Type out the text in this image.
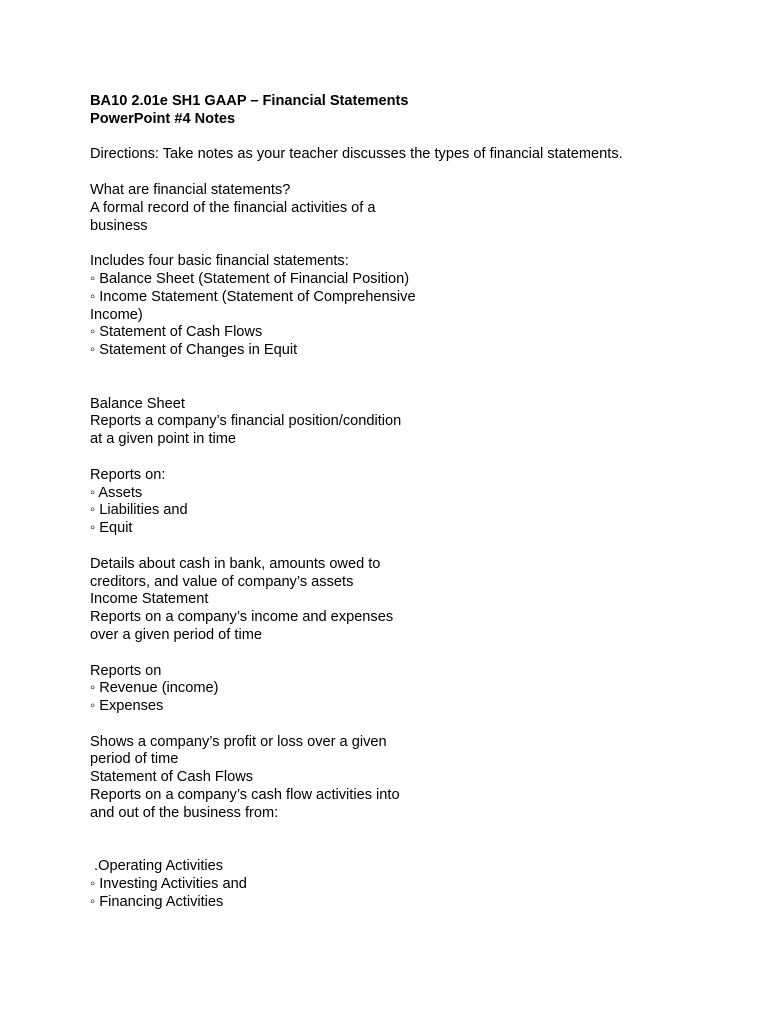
BA10 2.01e SH1 GAAP – Financial Statements
PowerPoint #4 Notes
Directions: Take notes as your teacher discusses the types of financial statements.
What are financial statements?
A formal record of the financial activities of a
business
Includes four basic financial statements:
◦ Balance Sheet (Statement of Financial Position)
◦ Income Statement (Statement of Comprehensive
Income)
◦ Statement of Cash Flows
◦ Statement of Changes in Equit
Balance Sheet
Reports a company’s financial position/condition
at a given point in time
Reports on:
◦ Assets
◦ Liabilities and
◦ Equit
Details about cash in bank, amounts owed to
creditors, and value of company’s assets
Income Statement
Reports on a company’s income and expenses
over a given period of time
Reports on
◦ Revenue (income)
◦ Expenses
Shows a company’s profit or loss over a given
period of time
Statement of Cash Flows
Reports on a company’s cash flow activities into
and out of the business from:
.Operating Activities
◦ Investing Activities and
◦ Financing Activities
